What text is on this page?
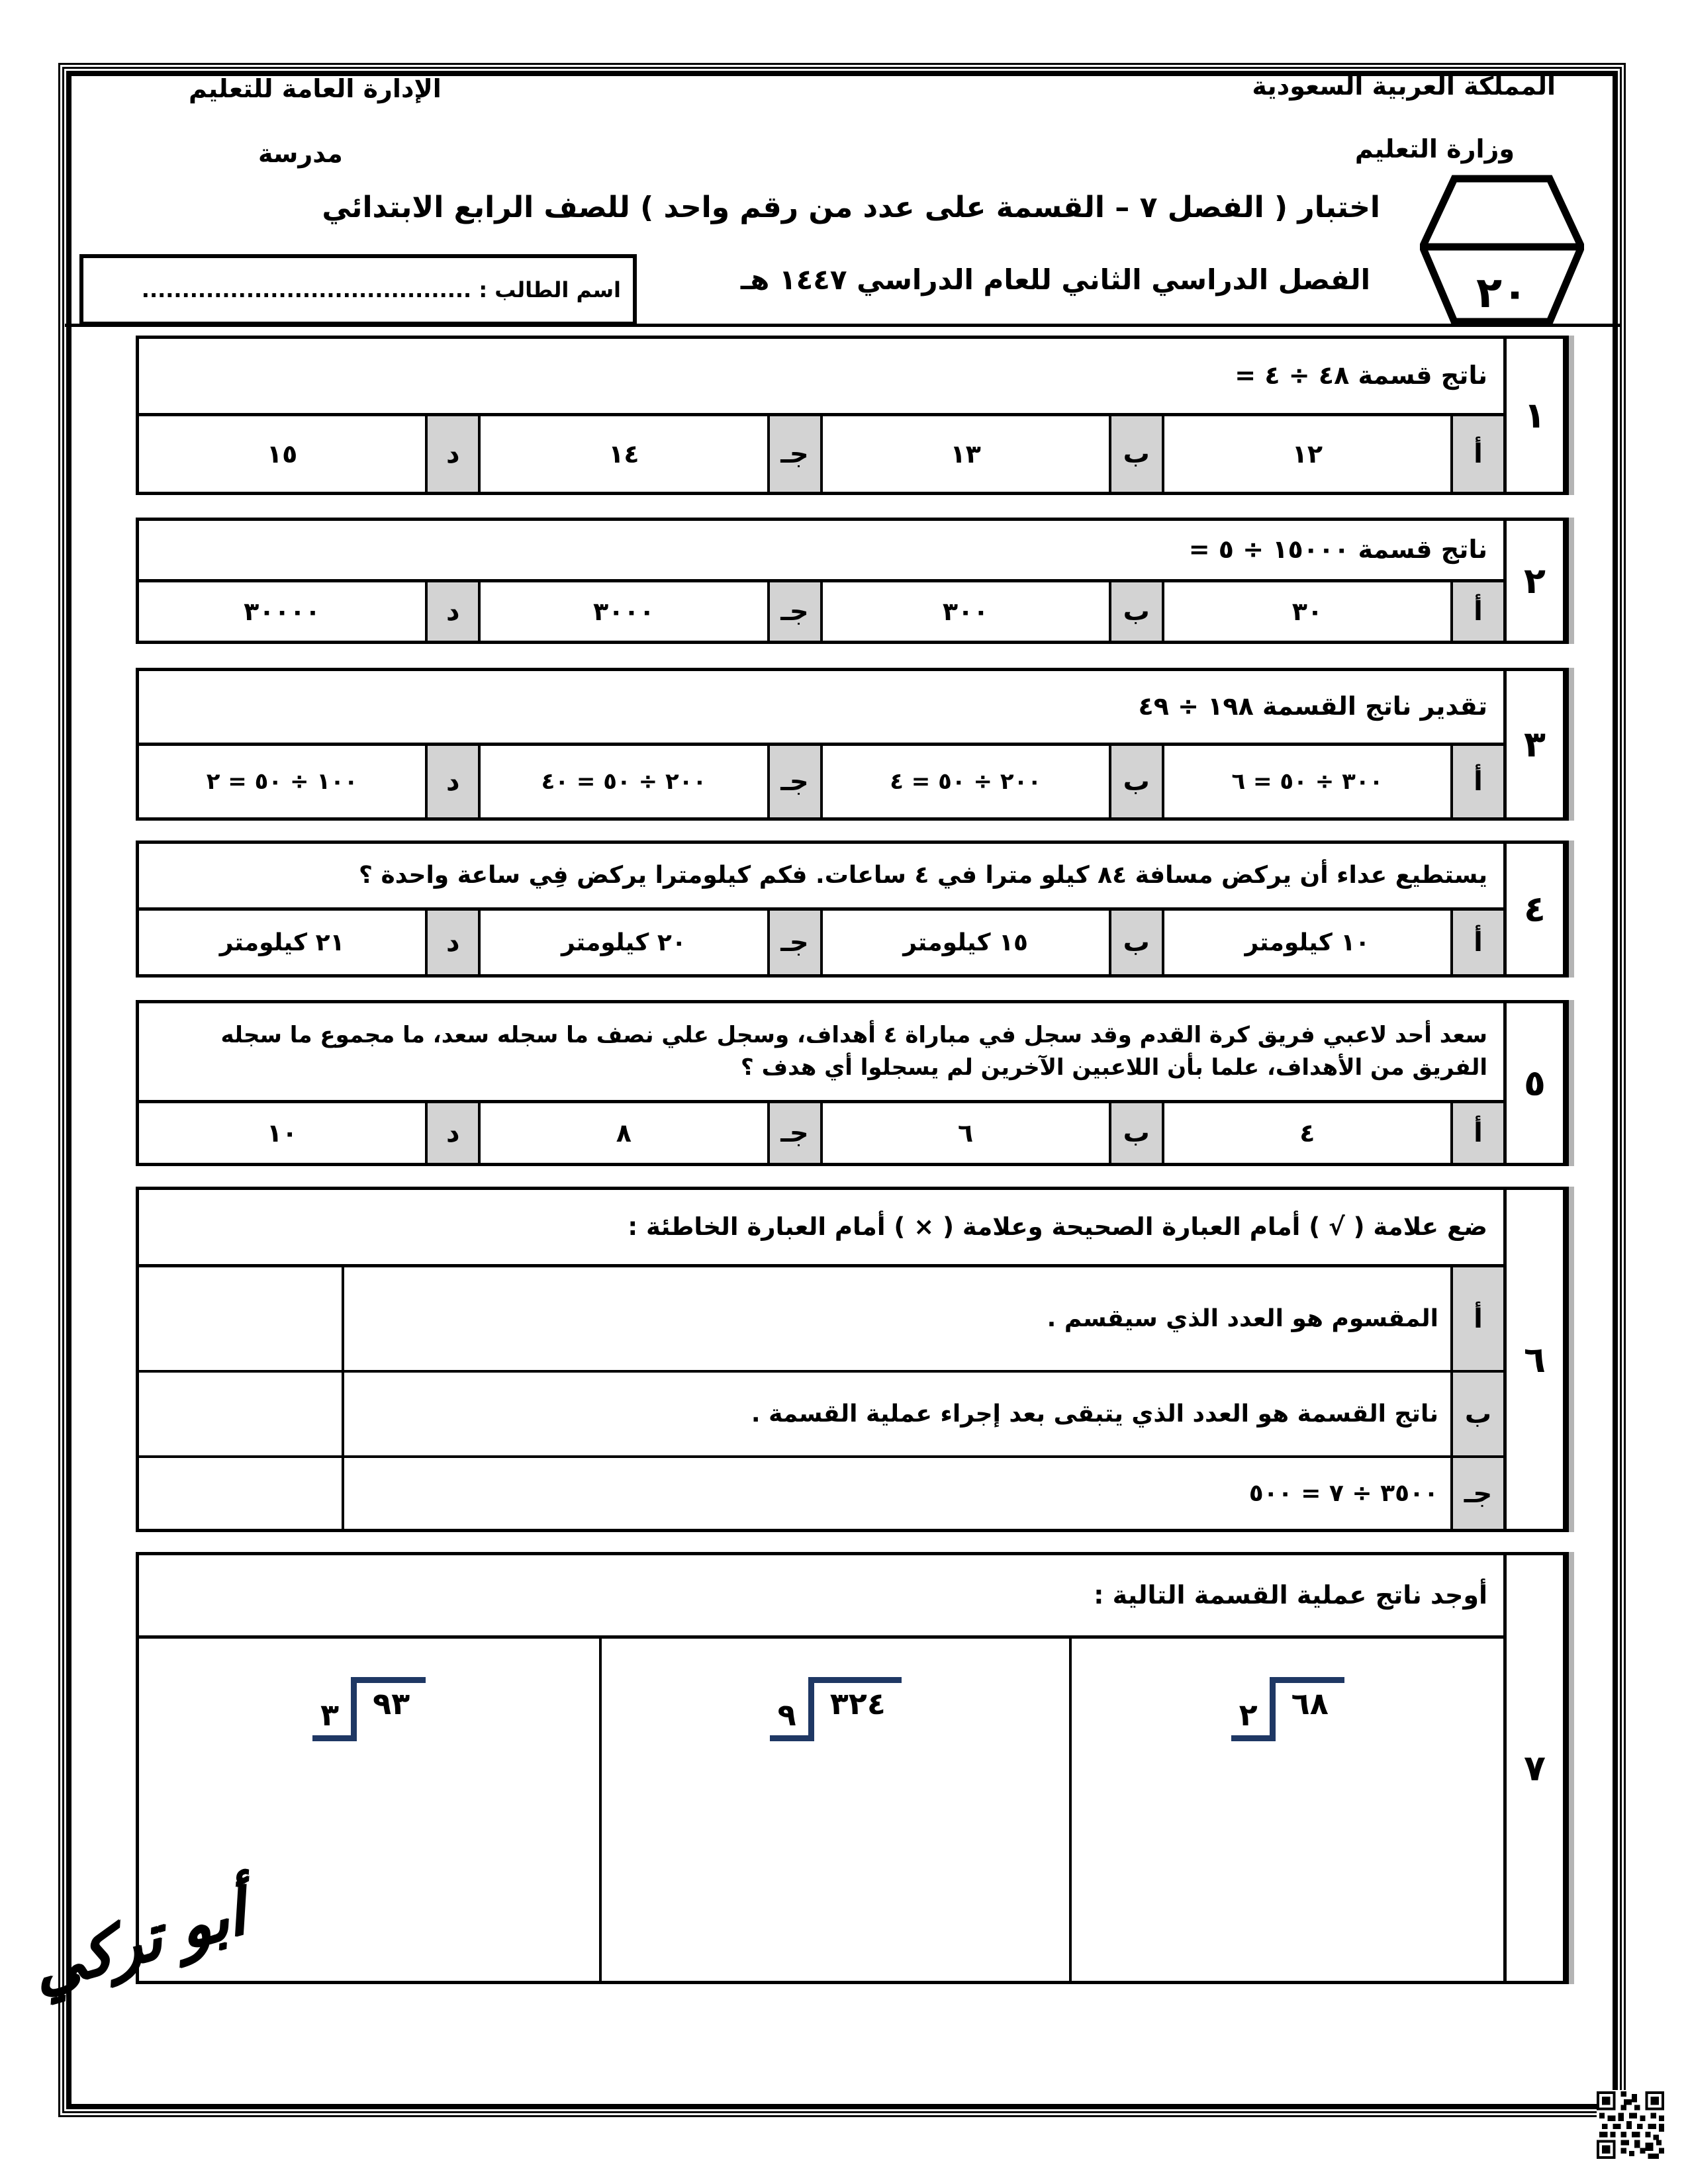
المملكة العربية السعودية
وزارة التعليم
الإدارة العامة للتعليم
مدرسة
اختبار ( الفصل ٧ – القسمة على عدد من رقم واحد ) للصف الرابع الابتدائي
الفصل الدراسي الثاني للعام الدراسي ١٤٤٧ هـ
اسم الطالب : .........................................	٢٠
١
ناتج قسمة ٤٨ ÷ ٤ =
أ
١٢
ب
١٣
جـ
١٤
د
١٥
٢
ناتج قسمة ١٥٠٠٠ ÷ ٥ =
أ
٣٠
ب
٣٠٠
جـ
٣٠٠٠
د
٣٠٠٠٠
٣
تقدير ناتج القسمة ١٩٨ ÷ ٤٩
أ
٣٠٠ ÷ ٥٠ = ٦
ب
٢٠٠ ÷ ٥٠ = ٤
جـ
٢٠٠ ÷ ٥٠ = ٤٠
د
١٠٠ ÷ ٥٠ = ٢
٤
يستطيع عداء أن يركض مسافة ٨٤ كيلو مترا في ٤ ساعات. فكم كيلومترا يركض فِي ساعة واحدة ؟
أ
١٠ كيلومتر
ب
١٥ كيلومتر
جـ
٢٠ كيلومتر
د
٢١ كيلومتر
٥
سعد أحد لاعبي فريق كرة القدم وقد سجل في مباراة ٤ أهداف، وسجل علي نصف ما سجله سعد، ما مجموع ما سجله الفريق من الأهداف، علما بأن اللاعبين الآخرين لم يسجلوا أي هدف ؟
أ
٤
ب
٦
جـ
٨
د
١٠
٦
ضع علامة ( √ ) أمام العبارة الصحيحة وعلامة ( × ) أمام العبارة الخاطئة :
أ
المقسوم هو العدد الذي سيقسم .
ب
ناتج القسمة هو العدد الذي يتبقى بعد إجراء عملية القسمة .
جـ
٣٥٠٠ ÷ ٧ = ٥٠٠
٧
أوجد ناتج عملية القسمة التالية :
٢	٦٨
٩	٣٢٤
٣	٩٣
أبو تركي
